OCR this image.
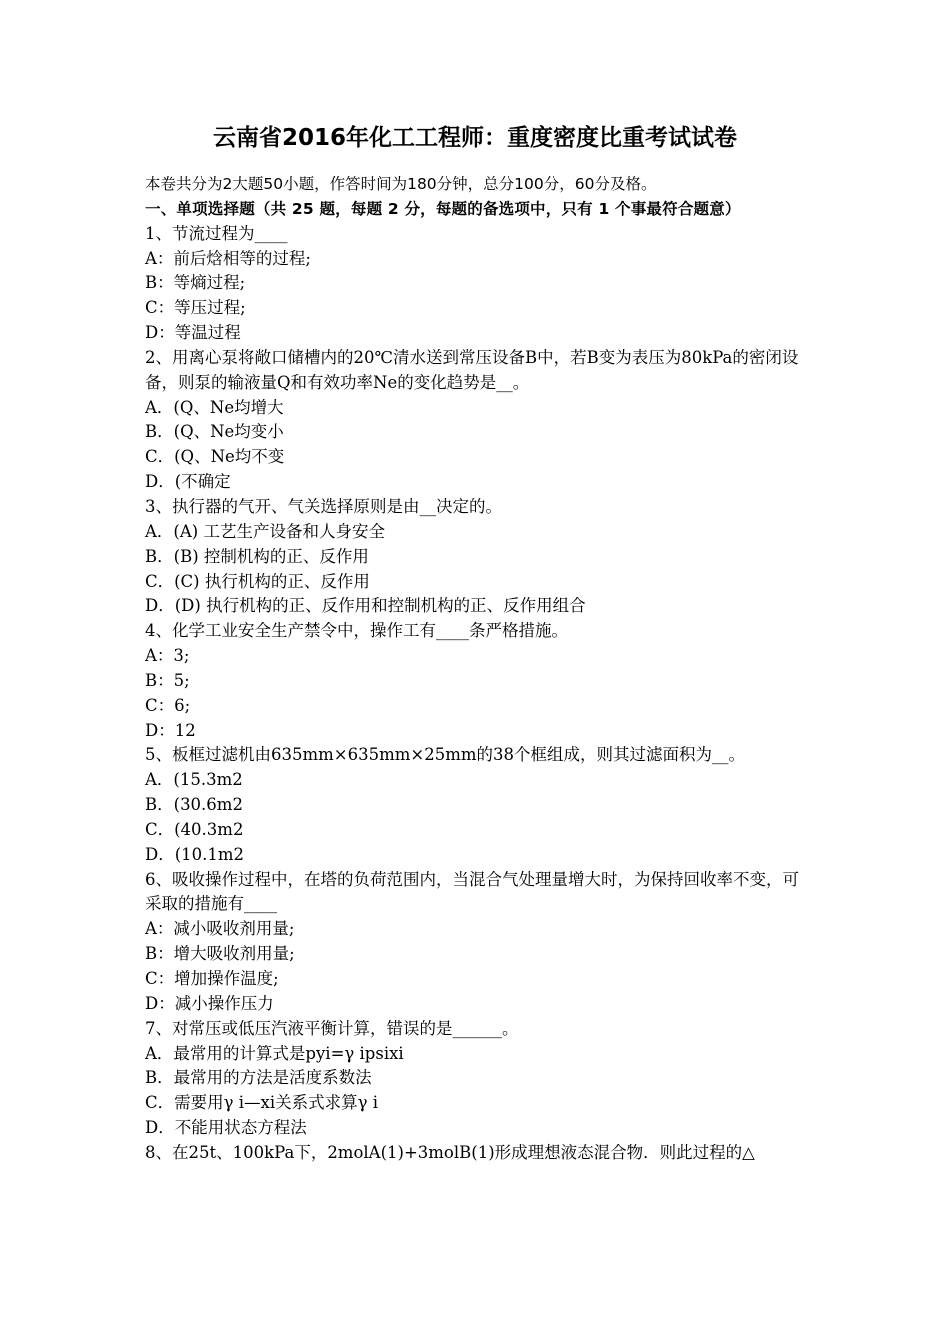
云南省2016年化工工程师：重度密度比重考试试卷
本卷共分为2大题50小题，作答时间为180分钟，总分100分，60分及格。
一、单项选择题（共 25 题，每题 2 分，每题的备选项中，只有 1 个事最符合题意）
1、节流过程为____
A：前后焓相等的过程;
B：等熵过程;
C：等压过程;
D：等温过程
2、用离心泵将敞口储槽内的20℃清水送到常压设备B中，若B变为表压为80kPa的密闭设备，则泵的输液量Q和有效功率Ne的变化趋势是__。
A．(Q、Ne均增大
B．(Q、Ne均变小
C．(Q、Ne均不变
D．(不确定
3、执行器的气开、气关选择原则是由__决定的。
A．(A) 工艺生产设备和人身安全
B．(B) 控制机构的正、反作用
C．(C) 执行机构的正、反作用
D．(D) 执行机构的正、反作用和控制机构的正、反作用组合
4、化学工业安全生产禁令中，操作工有____条严格措施。
A：3;
B：5;
C：6;
D：12
5、板框过滤机由635mm×635mm×25mm的38个框组成，则其过滤面积为__。
A．(15.3m2
B．(30.6m2
C．(40.3m2
D．(10.1m2
6、吸收操作过程中，在塔的负荷范围内，当混合气处理量增大时，为保持回收率不变，可采取的措施有____
A：减小吸收剂用量;
B：增大吸收剂用量;
C：增加操作温度;
D：减小操作压力
7、对常压或低压汽液平衡计算，错误的是______。
A．最常用的计算式是pyi=γ ipsixi
B．最常用的方法是活度系数法
C．需要用γ i—xi关系式求算γ i
D．不能用状态方程法
8、在25t、100kPa下，2molA(1)+3molB(1)形成理想液态混合物．则此过程的△
